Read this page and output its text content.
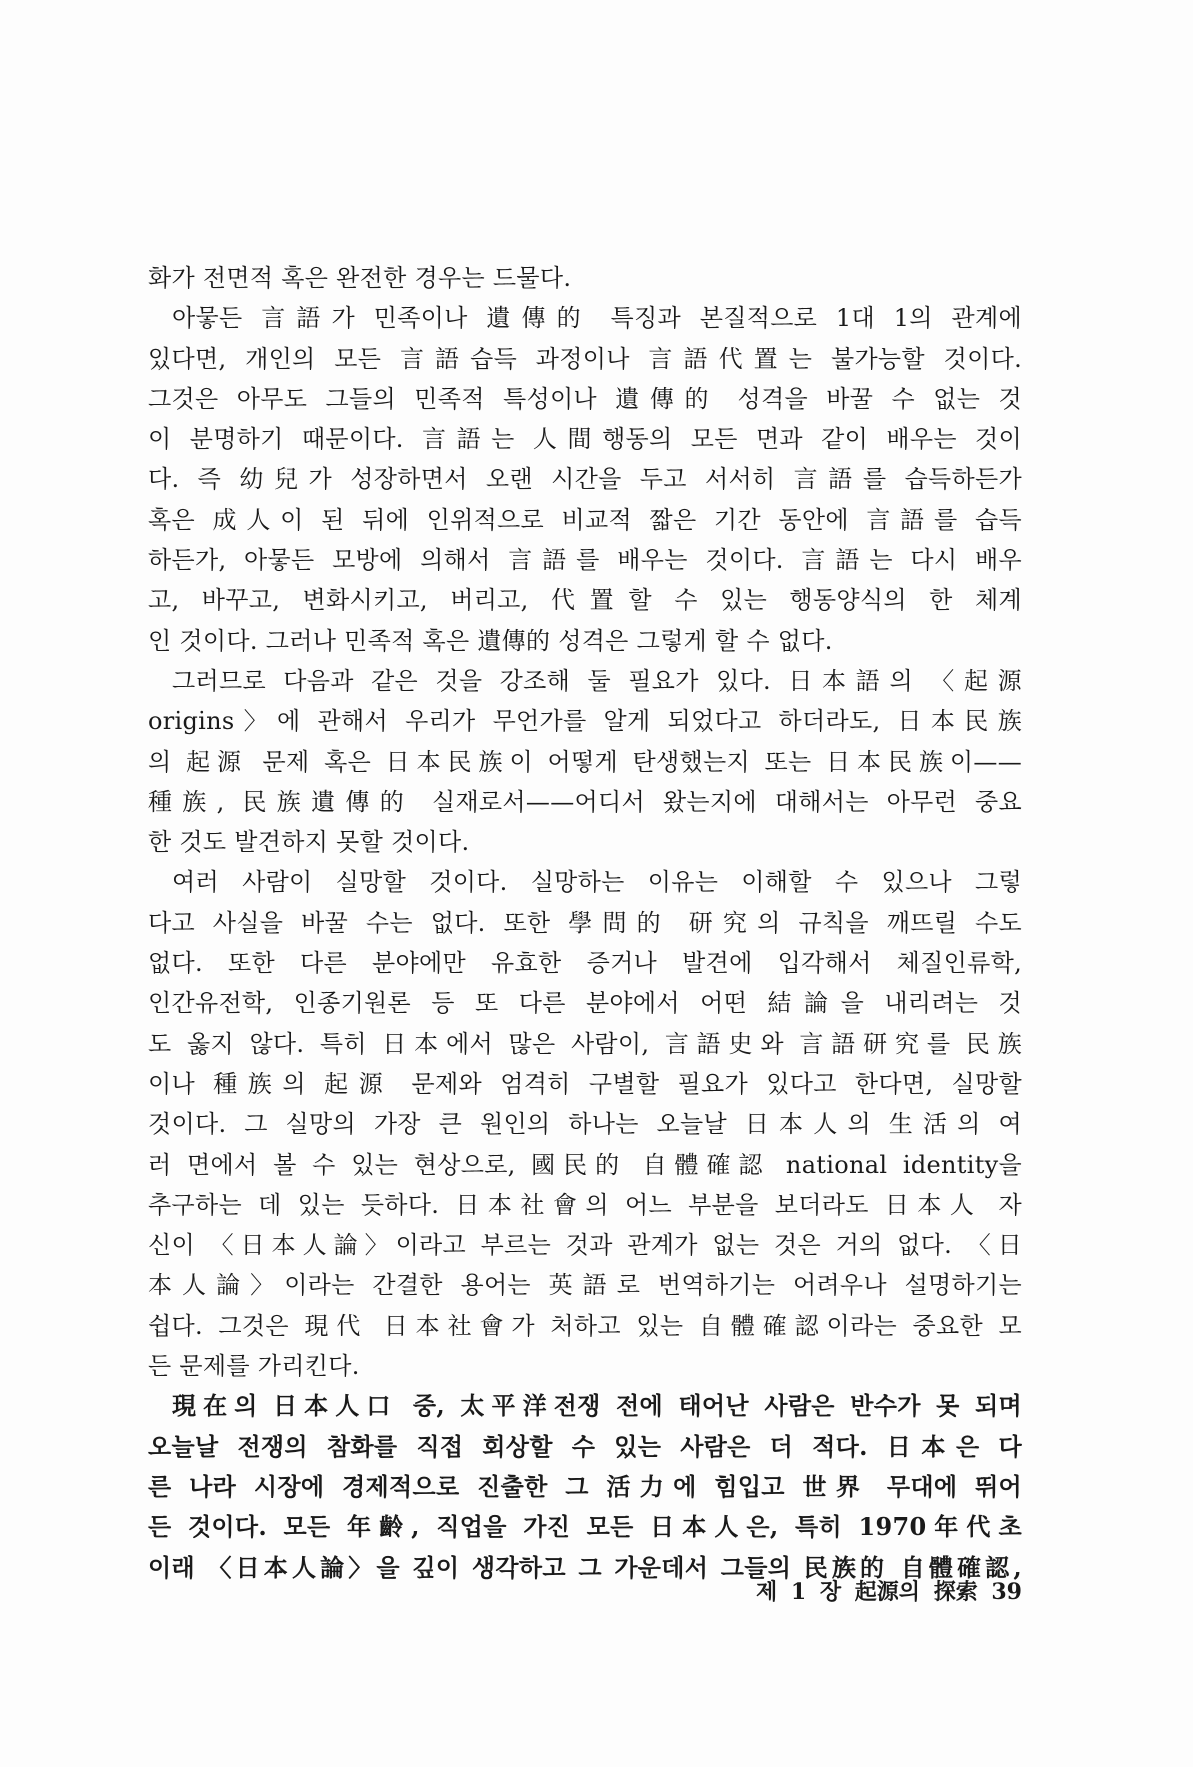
화가 전면적 혹은 완전한 경우는 드물다.
아뭏든 言語가 민족이나 遺傳的 특징과 본질적으로 1대 1의 관계에
있다면, 개인의 모든 言語습득 과정이나 言語代置는 불가능할 것이다.
그것은 아무도 그들의 민족적 특성이나 遺傳的 성격을 바꿀 수 없는 것
이 분명하기 때문이다. 言語는 人間행동의 모든 면과 같이 배우는 것이
다. 즉 幼兒가 성장하면서 오랜 시간을 두고 서서히 言語를 습득하든가
혹은 成人이 된 뒤에 인위적으로 비교적 짧은 기간 동안에 言語를 습득
하든가, 아뭏든 모방에 의해서 言語를 배우는 것이다. 言語는 다시 배우
고, 바꾸고, 변화시키고, 버리고, 代置할 수 있는 행동양식의 한 체계
인 것이다. 그러나 민족적 혹은 遺傳的 성격은 그렇게 할 수 없다.
그러므로 다음과 같은 것을 강조해 둘 필요가 있다. 日本語의 〈起源
origins〉에 관해서 우리가 무언가를 알게 되었다고 하더라도, 日本民族
의 起源 문제 혹은 日本民族이 어떻게 탄생했는지 또는 日本民族이——
種族, 民族遺傳的 실재로서——어디서 왔는지에 대해서는 아무런 중요
한 것도 발견하지 못할 것이다.
여러 사람이 실망할 것이다. 실망하는 이유는 이해할 수 있으나 그렇
다고 사실을 바꿀 수는 없다. 또한 學問的 研究의 규칙을 깨뜨릴 수도
없다. 또한 다른 분야에만 유효한 증거나 발견에 입각해서 체질인류학,
인간유전학, 인종기원론 등 또 다른 분야에서 어떤 結論을 내리려는 것
도 옳지 않다. 특히 日本에서 많은 사람이, 言語史와 言語研究를 民族
이나 種族의 起源 문제와 엄격히 구별할 필요가 있다고 한다면, 실망할
것이다. 그 실망의 가장 큰 원인의 하나는 오늘날 日本人의 生活의 여
러 면에서 볼 수 있는 현상으로, 國民的 自體確認 national identity을
추구하는 데 있는 듯하다. 日本社會의 어느 부분을 보더라도 日本人 자
신이 〈日本人論〉이라고 부르는 것과 관계가 없는 것은 거의 없다. 〈日
本人論〉이라는 간결한 용어는 英語로 번역하기는 어려우나 설명하기는
쉽다. 그것은 現代 日本社會가 처하고 있는 自體確認이라는 중요한 모
든 문제를 가리킨다.
現在의 日本人口 중, 太平洋전쟁 전에 태어난 사람은 반수가 못 되며
오늘날 전쟁의 참화를 직접 회상할 수 있는 사람은 더 적다. 日本은 다
른 나라 시장에 경제적으로 진출한 그 活力에 힘입고 世界 무대에 뛰어
든 것이다. 모든 年齡, 직업을 가진 모든 日本人은, 특히 1970年代초
이래 〈日本人論〉을 깊이 생각하고 그 가운데서 그들의 民族的 自體確認,
제 1 장 起源의 探索 39
